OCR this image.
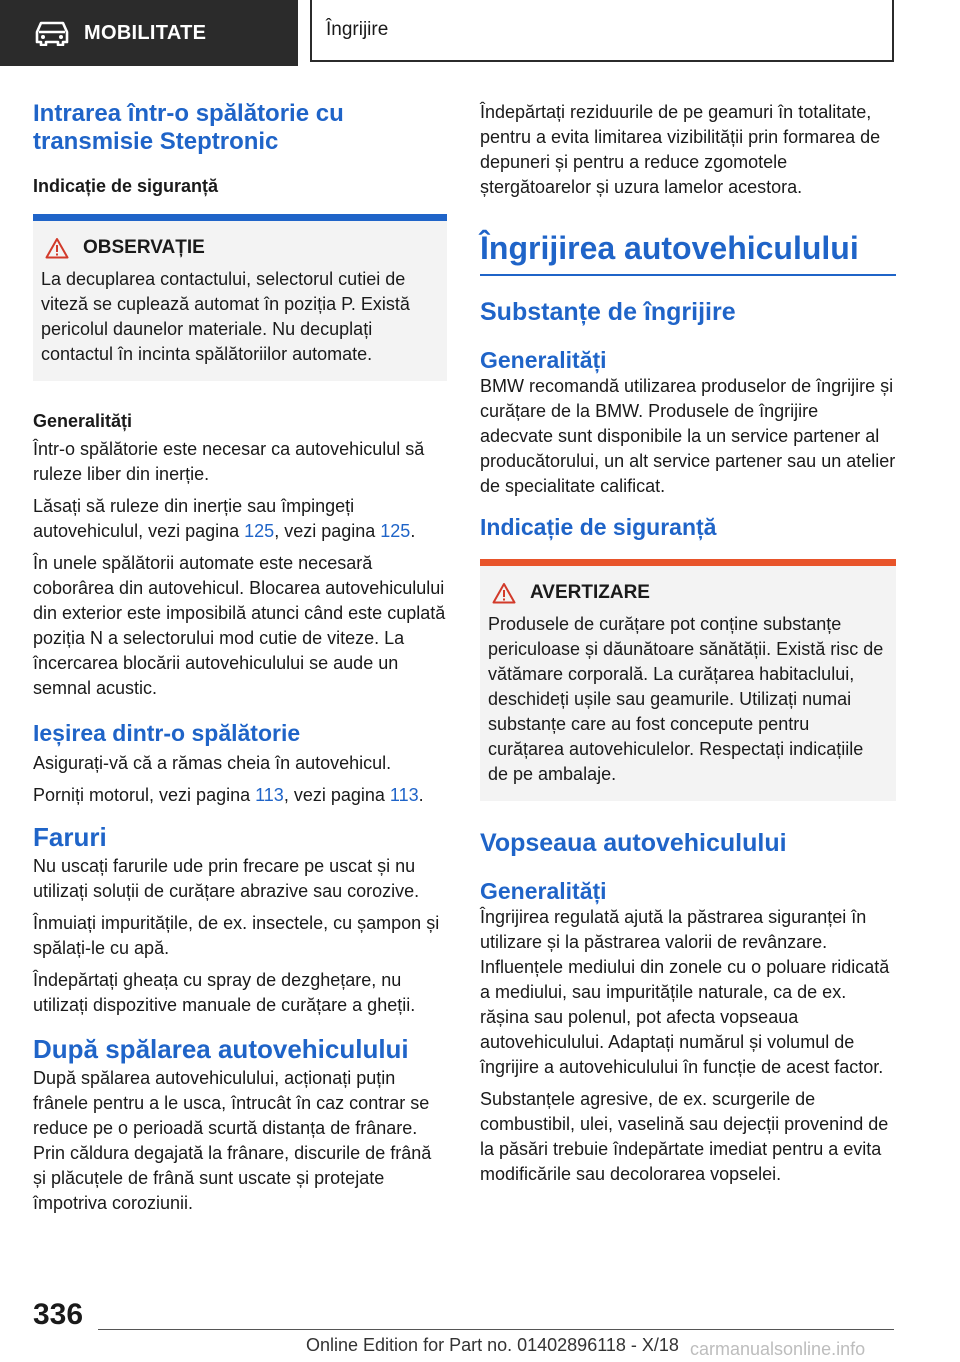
MOBILITATE	Îngrijire
Intrarea într-o spălătorie cu transmisie Steptronic
Indicație de siguranță
OBSERVAȚIE

La decuplarea contactului, selectorul cutiei de viteză se cuplează automat în poziția P. Există pericolul daunelor materiale. Nu decuplați contactul în incinta spălătoriilor automate.

Generalități

Într-o spălătorie este necesar ca autovehiculul să ruleze liber din inerție.

Lăsați să ruleze din inerție sau împingeți autovehiculul, vezi pagina 125, vezi pagina 125.

În unele spălătorii automate este necesară coborârea din autovehicul. Blocarea autovehiculului din exterior este imposibilă atunci când este cuplată poziția N a selectorului mod cutie de viteze. La încercarea blocării autovehiculului se aude un semnal acustic.

Ieșirea dintr-o spălătorie

Asigurați-vă că a rămas cheia în autovehicul.

Porniți motorul, vezi pagina 113, vezi pagina 113.

Faruri

Nu uscați farurile ude prin frecare pe uscat și nu utilizați soluții de curățare abrazive sau corozive.

Înmuiați impuritățile, de ex. insectele, cu șampon și spălați-le cu apă.

Îndepărtați gheața cu spray de dezghețare, nu utilizați dispozitive manuale de curățare a gheții.

După spălarea autovehiculului

După spălarea autovehiculului, acționați puțin frânele pentru a le usca, întrucât în caz contrar se reduce pe o perioadă scurtă distanța de frânare. Prin căldura degajată la frânare, discurile de frână și plăcuțele de frână sunt uscate și protejate împotriva coroziunii.

Îndepărtați reziduurile de pe geamuri în totalitate, pentru a evita limitarea vizibilității prin formarea de depuneri și pentru a reduce zgomotele ștergătoarelor și uzura lamelor acestora.

Îngrijirea autovehiculului
Substanțe de îngrijire
Generalități

BMW recomandă utilizarea produselor de îngrijire și curățare de la BMW. Produsele de îngrijire adecvate sunt disponibile la un service partener al producătorului, un alt service partener sau un atelier de specialitate calificat.

Indicație de siguranță
AVERTIZARE

Produsele de curățare pot conține substanțe periculoase și dăunătoare sănătății. Există risc de vătămare corporală. La curățarea habitaclului, deschideți ușile sau geamurile. Utilizați numai substanțe care au fost concepute pentru curățarea autovehiculelor. Respectați indicațiile de pe ambalaje.

Vopseaua autovehiculului
Generalități

Îngrijirea regulată ajută la păstrarea siguranței în utilizare și la păstrarea valorii de revânzare. Influențele mediului din zonele cu o poluare ridicată a mediului, sau impuritățile naturale, ca de ex. rășina sau polenul, pot afecta vopseaua autovehiculului. Adaptați numărul și volumul de îngrijire a autovehiculului în funcție de acest factor.

Substanțele agresive, de ex. scurgerile de combustibil, ulei, vaselină sau dejecții provenind de la păsări trebuie îndepărtate imediat pentru a evita modificările sau decolorarea vopselei.

336
Online Edition for Part no. 01402896118 - X/18 carmanualsonline.info
